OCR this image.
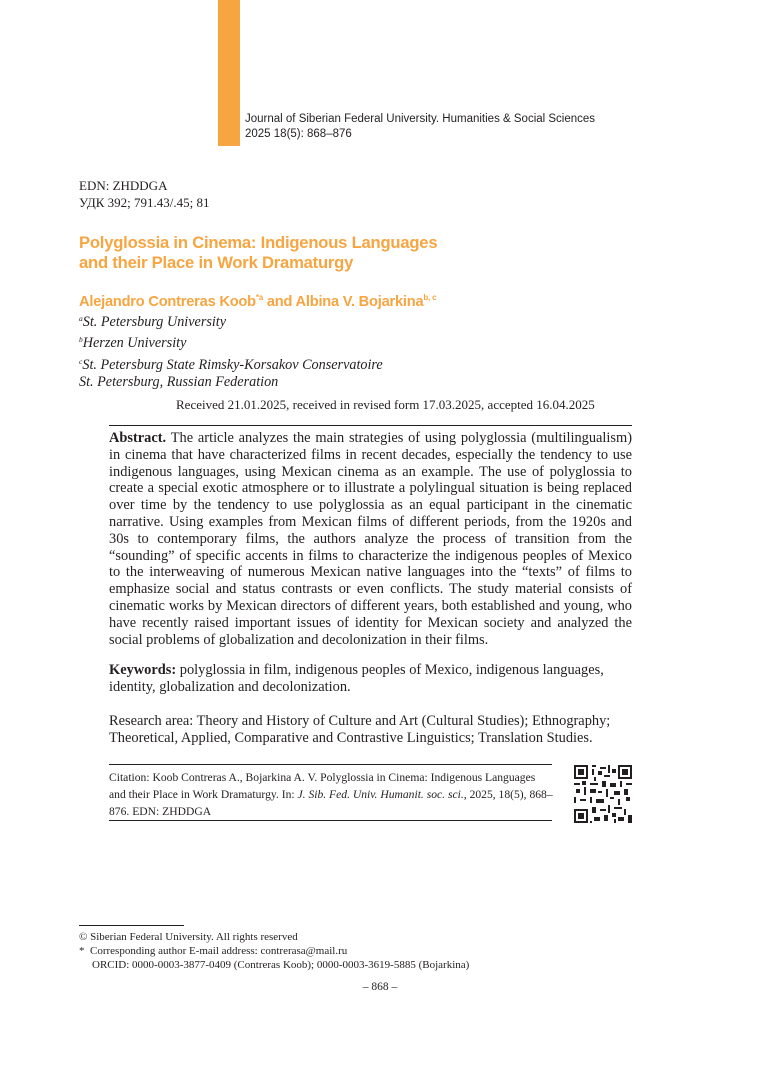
Journal of Siberian Federal University. Humanities & Social Sciences
2025 18(5): 868–876
EDN: ZHDDGA
УДК 392; 791.43/.45; 81
Polyglossia in Cinema: Indigenous Languages
and their Place in Work Dramaturgy
Alejandro Contreras Koob$^{*a}$ and Albina V. Bojarkina$^{b, c}$
$^a$St. Petersburg University
$^b$Herzen University
$^c$St. Petersburg State Rimsky-Korsakov Conservatoire
St. Petersburg, Russian Federation
Received 21.01.2025, received in revised form 17.03.2025, accepted 16.04.2025
Abstract. The article analyzes the main strategies of using polyglossia (multilingualism) in cinema that have characterized films in recent decades, especially the tendency to use indigenous languages, using Mexican cinema as an example. The use of polyglossia to create a special exotic atmosphere or to illustrate a polylingual situation is being replaced over time by the tendency to use polyglossia as an equal participant in the cinematic narrative. Using examples from Mexican films of different periods, from the 1920s and 30s to contemporary films, the authors analyze the process of transition from the “sounding” of specific accents in films to characterize the indigenous peoples of Mexico to the interweaving of numerous Mexican native languages into the “texts” of films to emphasize social and status contrasts or even conflicts. The study material consists of cinematic works by Mexican directors of different years, both established and young, who have recently raised important issues of identity for Mexican society and analyzed the social problems of globalization and decolonization in their films.
Keywords: polyglossia in film, indigenous peoples of Mexico, indigenous languages, identity, globalization and decolonization.
Research area: Theory and History of Culture and Art (Cultural Studies); Ethnography; Theoretical, Applied, Comparative and Contrastive Linguistics; Translation Studies.
Citation: Koob Contreras A., Bojarkina A. V. Polyglossia in Cinema: Indigenous Languages and their Place in Work Dramaturgy. In: J. Sib. Fed. Univ. Humanit. soc. sci., 2025, 18(5), 868–876. EDN: ZHDDGA
© Siberian Federal University. All rights reserved
*  Corresponding author E-mail address: contrerasa@mail.ru
ORCID: 0000-0003-3877-0409 (Contreras Koob); 0000-0003-3619-5885 (Bojarkina)
– 868 –
